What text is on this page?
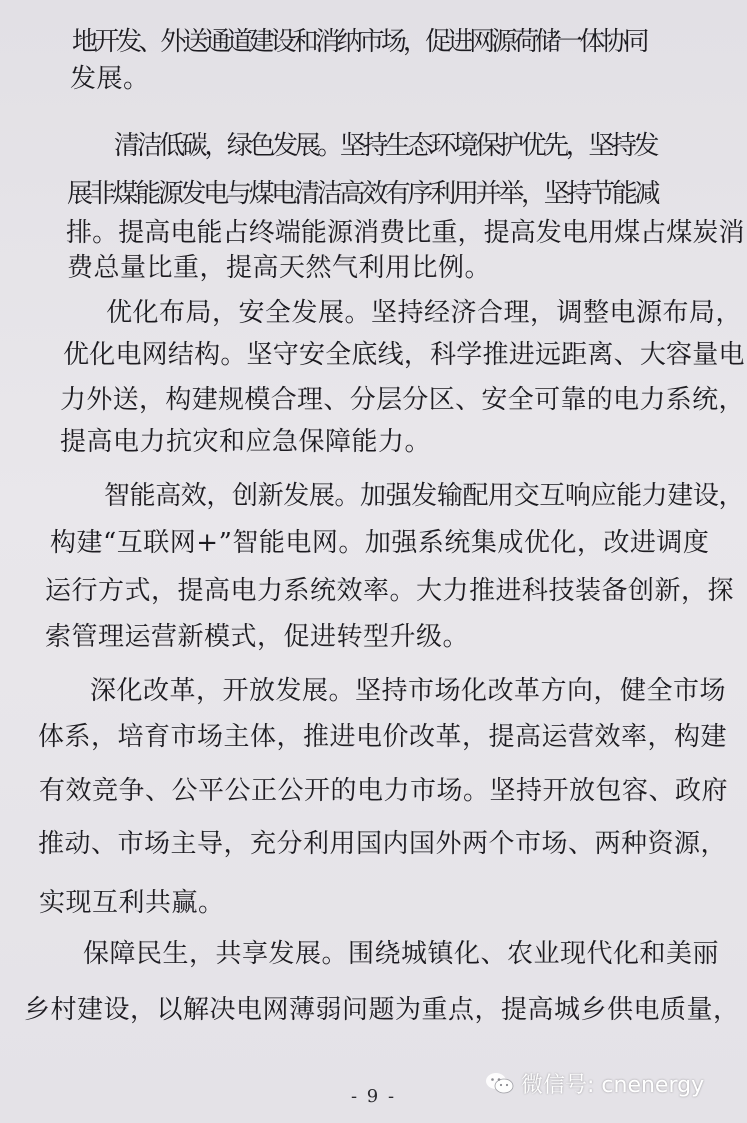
地开发、外送通道建设和消纳市场，促进网源荷储一体协同
发展。
清洁低碳，绿色发展。坚持生态环境保护优先，坚持发
展非煤能源发电与煤电清洁高效有序利用并举，坚持节能减
排。提高电能占终端能源消费比重，提高发电用煤占煤炭消
费总量比重，提高天然气利用比例。
优化布局，安全发展。坚持经济合理，调整电源布局，
优化电网结构。坚守安全底线，科学推进远距离、大容量电
力外送，构建规模合理、分层分区、安全可靠的电力系统，
提高电力抗灾和应急保障能力。
智能高效，创新发展。加强发输配用交互响应能力建设，
构建“互联网+”智能电网。加强系统集成优化，改进调度
运行方式，提高电力系统效率。大力推进科技装备创新，探
索管理运营新模式，促进转型升级。
深化改革，开放发展。坚持市场化改革方向，健全市场
体系，培育市场主体，推进电价改革，提高运营效率，构建
有效竞争、公平公正公开的电力市场。坚持开放包容、政府
推动、市场主导，充分利用国内国外两个市场、两种资源，
实现互利共赢。
保障民生，共享发展。围绕城镇化、农业现代化和美丽
乡村建设，以解决电网薄弱问题为重点，提高城乡供电质量，
- 9 -	微信号: cnenergy
